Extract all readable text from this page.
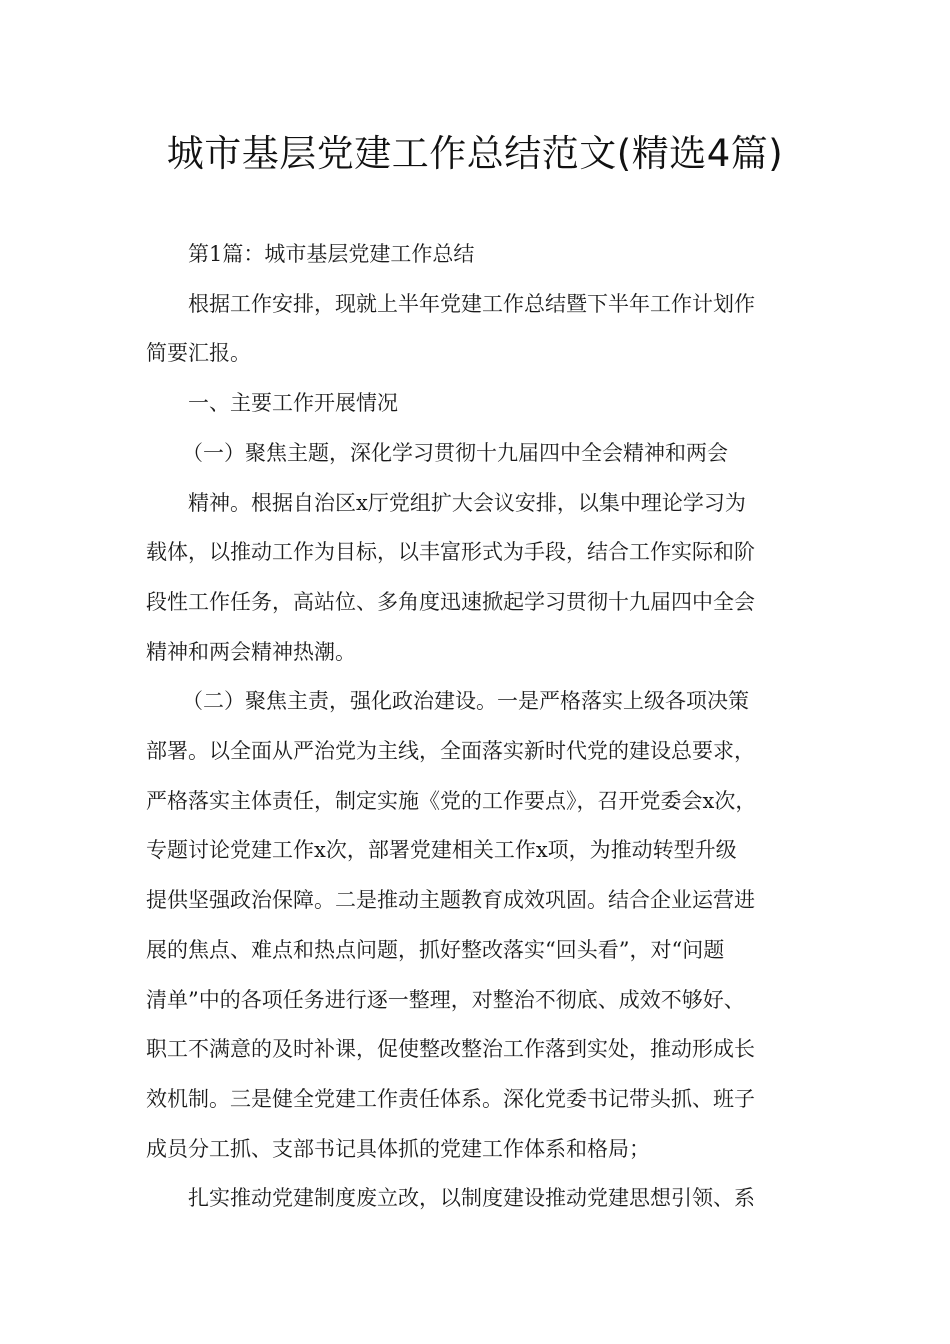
城市基层党建工作总结范文(精选4篇)
第1篇：城市基层党建工作总结
根据工作安排，现就上半年党建工作总结暨下半年工作计划作
简要汇报。
一、主要工作开展情况
（一）聚焦主题，深化学习贯彻十九届四中全会精神和两会
精神。根据自治区x厅党组扩大会议安排，以集中理论学习为
载体，以推动工作为目标，以丰富形式为手段，结合工作实际和阶
段性工作任务，高站位、多角度迅速掀起学习贯彻十九届四中全会
精神和两会精神热潮。
（二）聚焦主责，强化政治建设。一是严格落实上级各项决策
部署。以全面从严治党为主线，全面落实新时代党的建设总要求，
严格落实主体责任，制定实施《党的工作要点》，召开党委会x次，
专题讨论党建工作x次，部署党建相关工作x项，为推动转型升级
提供坚强政治保障。二是推动主题教育成效巩固。结合企业运营进
展的焦点、难点和热点问题，抓好整改落实“回头看”，对“问题
清单”中的各项任务进行逐一整理，对整治不彻底、成效不够好、
职工不满意的及时补课，促使整改整治工作落到实处，推动形成长
效机制。三是健全党建工作责任体系。深化党委书记带头抓、班子
成员分工抓、支部书记具体抓的党建工作体系和格局；
扎实推动党建制度废立改，以制度建设推动党建思想引领、系
